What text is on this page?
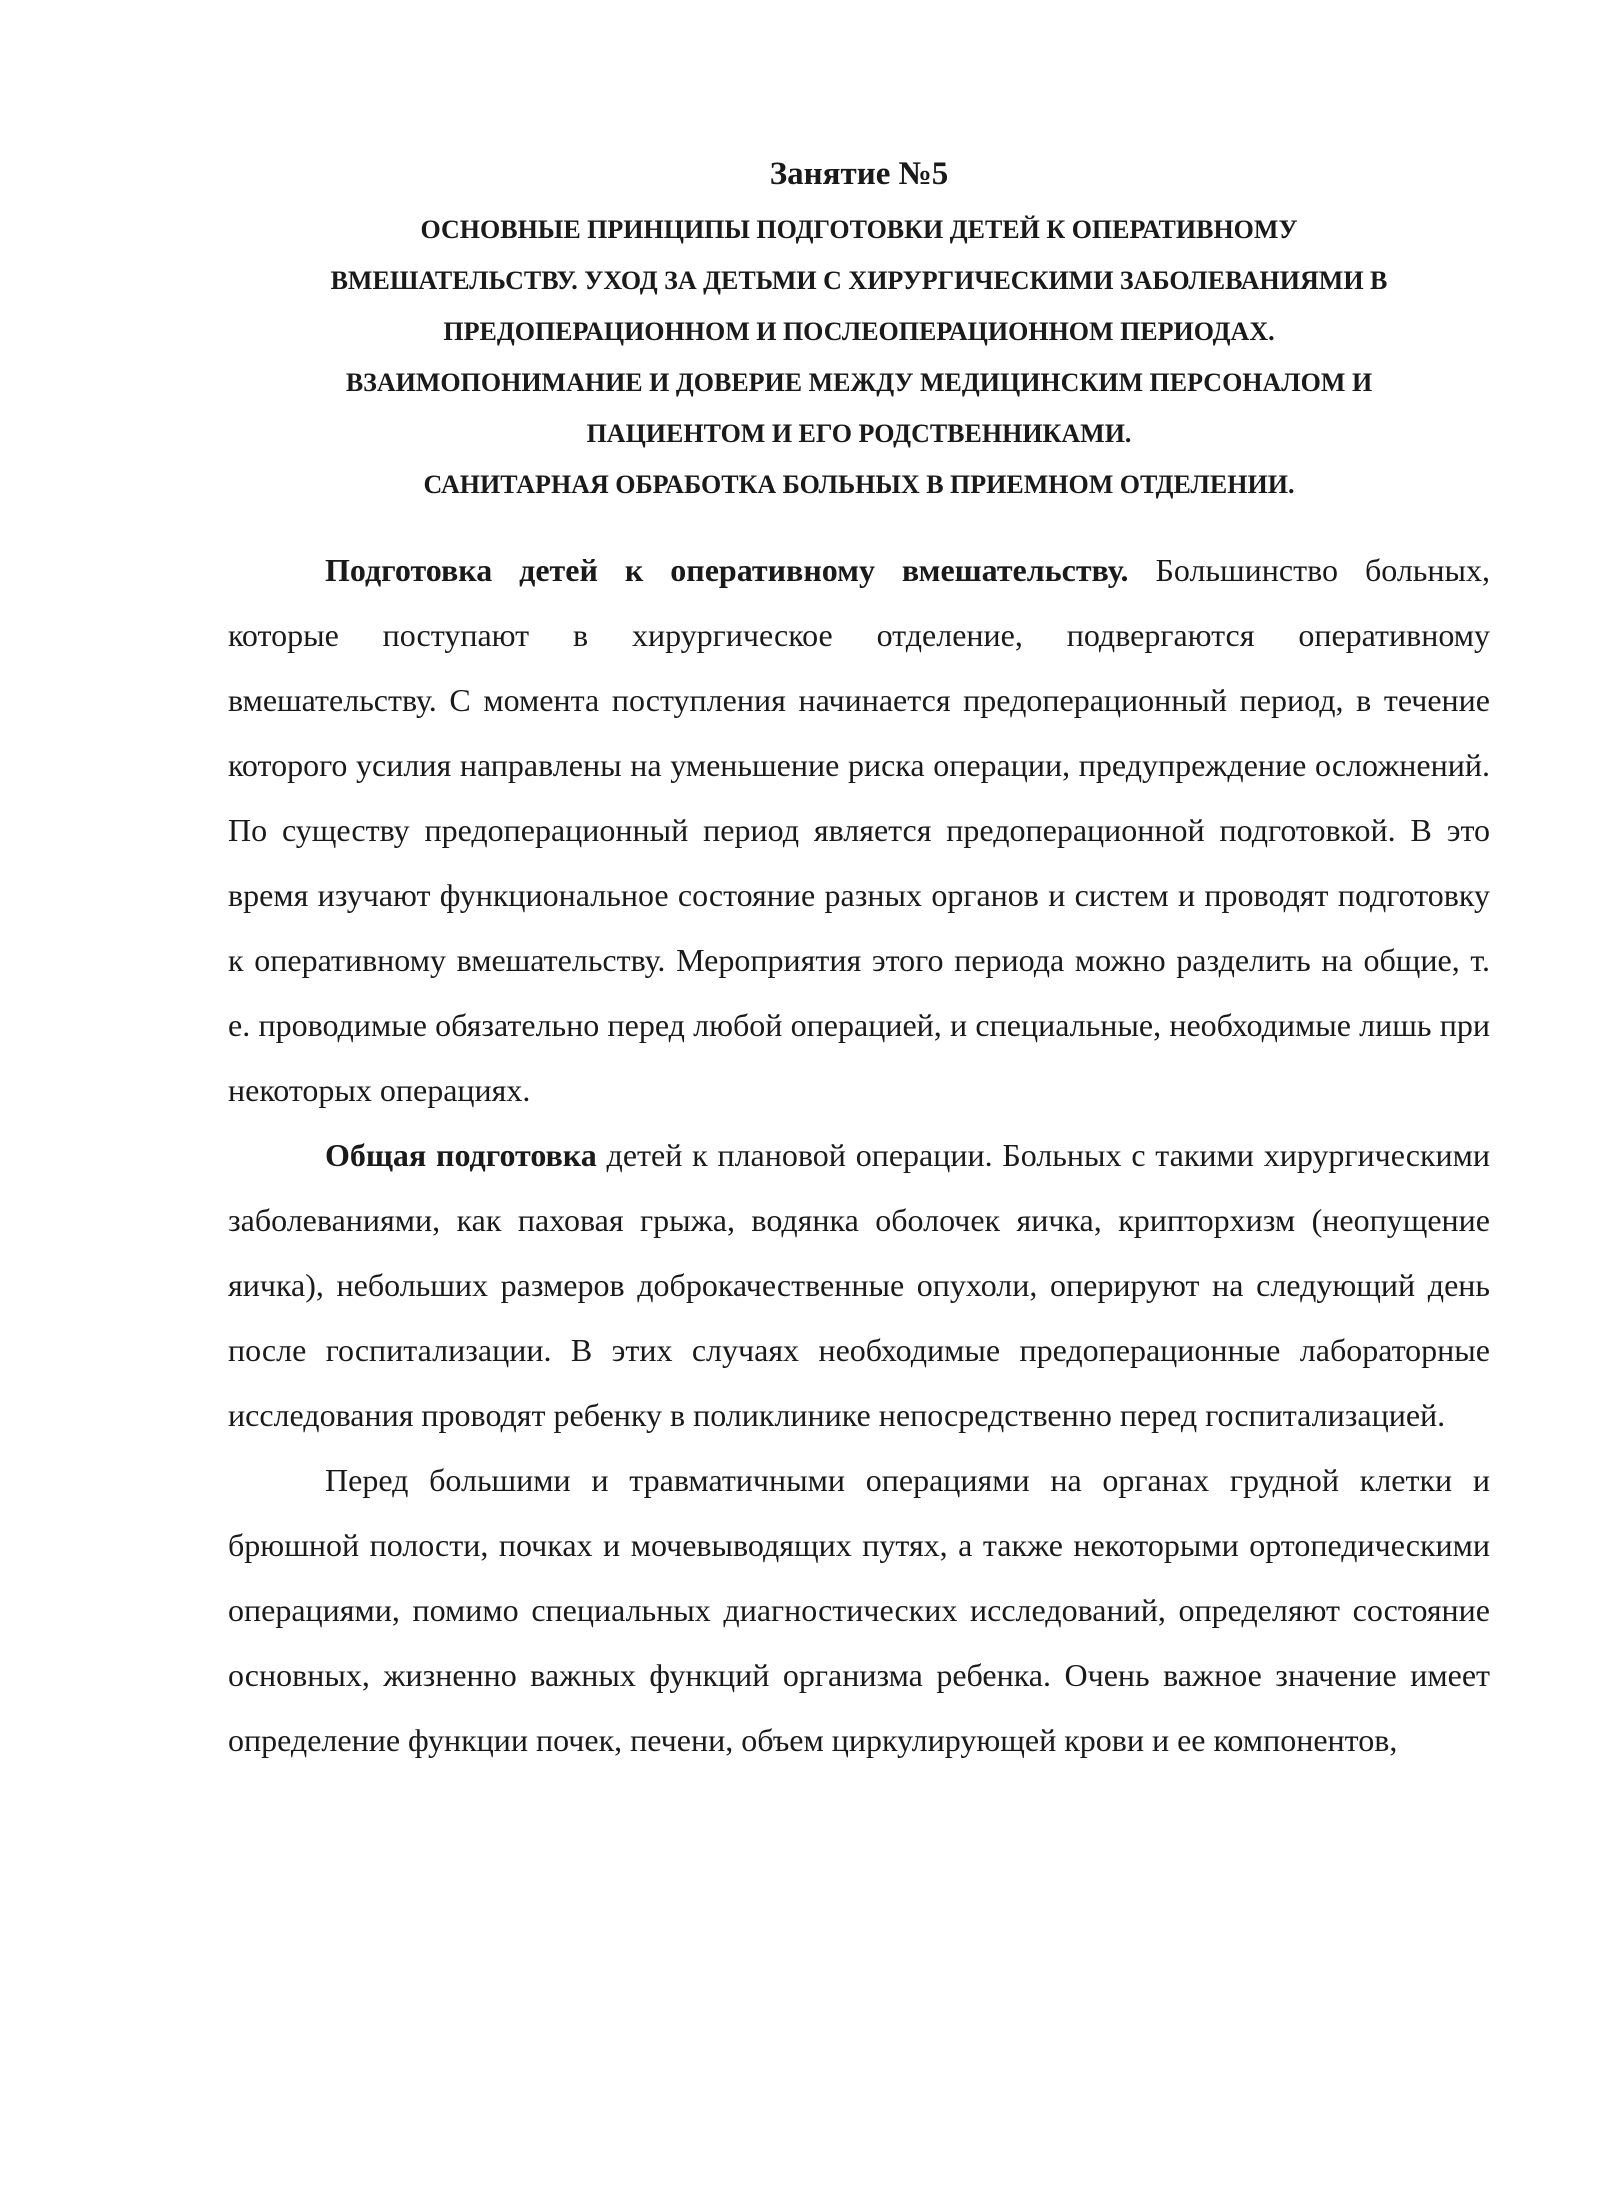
Занятие №5
ОСНОВНЫЕ ПРИНЦИПЫ ПОДГОТОВКИ ДЕТЕЙ К ОПЕРАТИВНОМУ
ВМЕШАТЕЛЬСТВУ. УХОД ЗА ДЕТЬМИ С ХИРУРГИЧЕСКИМИ ЗАБОЛЕВАНИЯМИ В
ПРЕДОПЕРАЦИОННОМ И ПОСЛЕОПЕРАЦИОННОМ ПЕРИОДАХ.
ВЗАИМОПОНИМАНИЕ И ДОВЕРИЕ МЕЖДУ МЕДИЦИНСКИМ ПЕРСОНАЛОМ И
ПАЦИЕНТОМ И ЕГО РОДСТВЕННИКАМИ.
САНИТАРНАЯ ОБРАБОТКА БОЛЬНЫХ В ПРИЕМНОМ ОТДЕЛЕНИИ.

Подготовка детей к оперативному вмешательству. Большинство больных, которые поступают в хирургическое отделение, подвергаются оперативному вмешательству. С момента поступления начинается предоперационный период, в течение которого усилия направлены на уменьшение риска операции, предупреждение осложнений. По существу предоперационный период является предоперационной подготовкой. В это время изучают функциональное состояние разных органов и систем и проводят подготовку к оперативному вмешательству. Мероприятия этого периода можно разделить на общие, т. е. проводимые обязательно перед любой операцией, и специальные, необходимые лишь при некоторых операциях.

Общая подготовка детей к плановой операции. Больных с такими хирургическими заболеваниями, как паховая грыжа, водянка оболочек яичка, крипторхизм (неопущение яичка), небольших размеров доброкачественные опухоли, оперируют на следующий день после госпитализации. В этих случаях необходимые предоперационные лабораторные исследования проводят ребенку в поликлинике непосредственно перед госпитализацией.

Перед большими и травматичными операциями на органах грудной клетки и брюшной полости, почках и мочевыводящих путях, а также некоторыми ортопедическими операциями, помимо специальных диагностических исследований, определяют состояние основных, жизненно важных функций организма ребенка. Очень важное значение имеет определение функции почек, печени, объем циркулирующей крови и ее компонентов,
